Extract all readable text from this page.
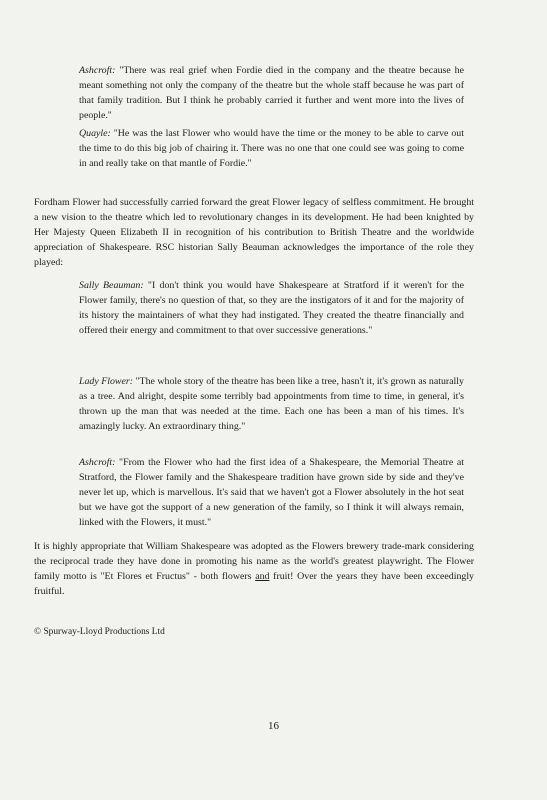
Ashcroft: "There was real grief when Fordie died in the company and the theatre because he meant something not only the company of the theatre but the whole staff because he was part of that family tradition. But I think he probably carried it further and went more into the lives of people."

Quayle: "He was the last Flower who would have the time or the money to be able to carve out the time to do this big job of chairing it. There was no one that one could see was going to come in and really take on that mantle of Fordie."

Fordham Flower had successfully carried forward the great Flower legacy of selfless commitment. He brought a new vision to the theatre which led to revolutionary changes in its development. He had been knighted by Her Majesty Queen Elizabeth II in recognition of his contribution to British Theatre and the worldwide appreciation of Shakespeare. RSC historian Sally Beauman acknowledges the importance of the role they played:

Sally Beauman: "I don't think you would have Shakespeare at Stratford if it weren't for the Flower family, there's no question of that, so they are the instigators of it and for the majority of its history the maintainers of what they had instigated. They created the theatre financially and offered their energy and commitment to that over successive generations."

Lady Flower: "The whole story of the theatre has been like a tree, hasn't it, it's grown as naturally as a tree. And alright, despite some terribly bad appointments from time to time, in general, it's thrown up the man that was needed at the time. Each one has been a man of his times. It's amazingly lucky. An extraordinary thing."

Ashcroft: "From the Flower who had the first idea of a Shakespeare, the Memorial Theatre at Stratford, the Flower family and the Shakespeare tradition have grown side by side and they've never let up, which is marvellous. It's said that we haven't got a Flower absolutely in the hot seat but we have got the support of a new generation of the family, so I think it will always remain, linked with the Flowers, it must."

It is highly appropriate that William Shakespeare was adopted as the Flowers brewery trade-mark considering the reciprocal trade they have done in promoting his name as the world's greatest playwright. The Flower family motto is "Et Flores et Fructus" - both flowers and fruit! Over the years they have been exceedingly fruitful.

© Spurway-Lloyd Productions Ltd

16
